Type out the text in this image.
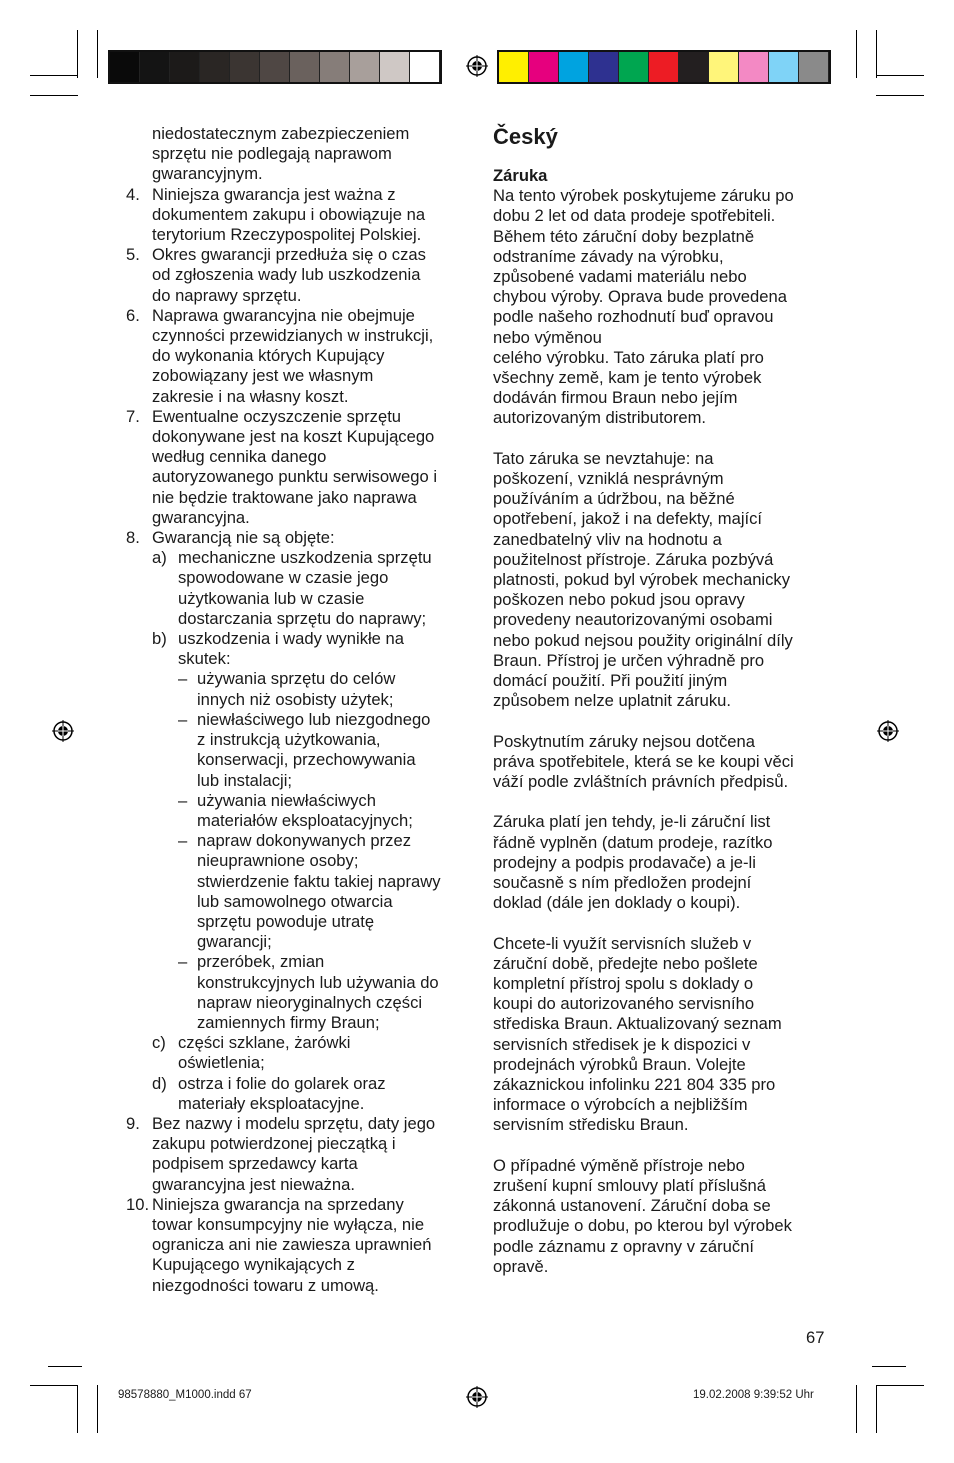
niedostatecznym zabezpieczeniem
sprzętu nie podlegają naprawom
gwarancyjnym.
4. Niniejsza gwarancja jest ważna z
dokumentem zakupu i obowiązuje na
terytorium Rzeczypospolitej Polskiej.
5. Okres gwarancji przedłuża się o czas
od zgłoszenia wady lub uszkodzenia
do naprawy sprzętu.
6. Naprawa gwarancyjna nie obejmuje
czynności przewidzianych w instrukcji,
do wykonania których Kupujący
zobowiązany jest we własnym
zakresie i na własny koszt.
7. Ewentualne oczyszczenie sprzętu
dokonywane jest na koszt Kupującego
według cennika danego
autoryzowanego punktu serwisowego i
nie będzie traktowane jako naprawa
gwarancyjna.
8. Gwarancją nie są objęte:
a) mechaniczne uszkodzenia sprzętu
spowodowane w czasie jego
użytkowania lub w czasie
dostarczania sprzętu do naprawy;
b) uszkodzenia i wady wynikłe na
skutek:
– używania sprzętu do celów
innych niż osobisty użytek;
– niewłaściwego lub niezgodnego
z instrukcją użytkowania,
konserwacji, przechowywania
lub instalacji;
– używania niewłaściwych
materiałów eksploatacyjnych;
– napraw dokonywanych przez
nieuprawnione osoby;
stwierdzenie faktu takiej naprawy
lub samowolnego otwarcia
sprzętu powoduje utratę
gwarancji;
– przeróbek, zmian
konstrukcyjnych lub używania do
napraw nieoryginalnych części
zamiennych firmy Braun;
c) części szklane, żarówki
oświetlenia;
d) ostrza i folie do golarek oraz
materiały eksploatacyjne.
9. Bez nazwy i modelu sprzętu, daty jego
zakupu potwierdzonej pieczątką i
podpisem sprzedawcy karta
gwarancyjna jest nieważna.
10. Niniejsza gwarancja na sprzedany
towar konsumpcyjny nie wyłącza, nie
ogranicza ani nie zawiesza uprawnień
Kupującego wynikających z
niezgodności towaru z umową.
Český
Záruka
Na tento výrobek poskytujeme záruku po
dobu 2 let od data prodeje spotřebiteli.
Během této záruční doby bezplatně
odstraníme závady na výrobku,
způsobené vadami materiálu nebo
chybou výroby. Oprava bude provedena
podle našeho rozhodnutí buď opravou
nebo výměnou
celého výrobku. Tato záruka platí pro
všechny země, kam je tento výrobek
dodáván firmou Braun nebo jejím
autorizovaným distributorem.
Tato záruka se nevztahuje: na
poškození, vzniklá nesprávným
používáním a údržbou, na běžné
opotřebení, jakož i na defekty, mající
zanedbatelný vliv na hodnotu a
použitelnost přístroje. Záruka pozbývá
platnosti, pokud byl výrobek mechanicky
poškozen nebo pokud jsou opravy
provedeny neautorizovanými osobami
nebo pokud nejsou použity originální díly
Braun. Přístroj je určen výhradně pro
domácí použití. Při použití jiným
způsobem nelze uplatnit záruku.
Poskytnutím záruky nejsou dotčena
práva spotřebitele, která se ke koupi věci
váží podle zvláštních právních předpisů.
Záruka platí jen tehdy, je-li záruční list
řádně vyplněn (datum prodeje, razítko
prodejny a podpis prodavače) a je-li
současně s ním předložen prodejní
doklad (dále jen doklady o koupi).
Chcete-li využít servisních služeb v
záruční době, předejte nebo pošlete
kompletní přístroj spolu s doklady o
koupi do autorizovaného servisního
střediska Braun. Aktualizovaný seznam
servisních středisek je k dispozici v
prodejnách výrobků Braun. Volejte
zákaznickou infolinku 221 804 335 pro
informace o výrobcích a nejbližším
servisním středisku Braun.
O případné výměně přístroje nebo
zrušení kupní smlouvy platí příslušná
zákonná ustanovení. Záruční doba se
prodlužuje o dobu, po kterou byl výrobek
podle záznamu z opravny v záruční
opravě.
67
98578880_M1000.indd 67	19.02.2008 9:39:52 Uhr
